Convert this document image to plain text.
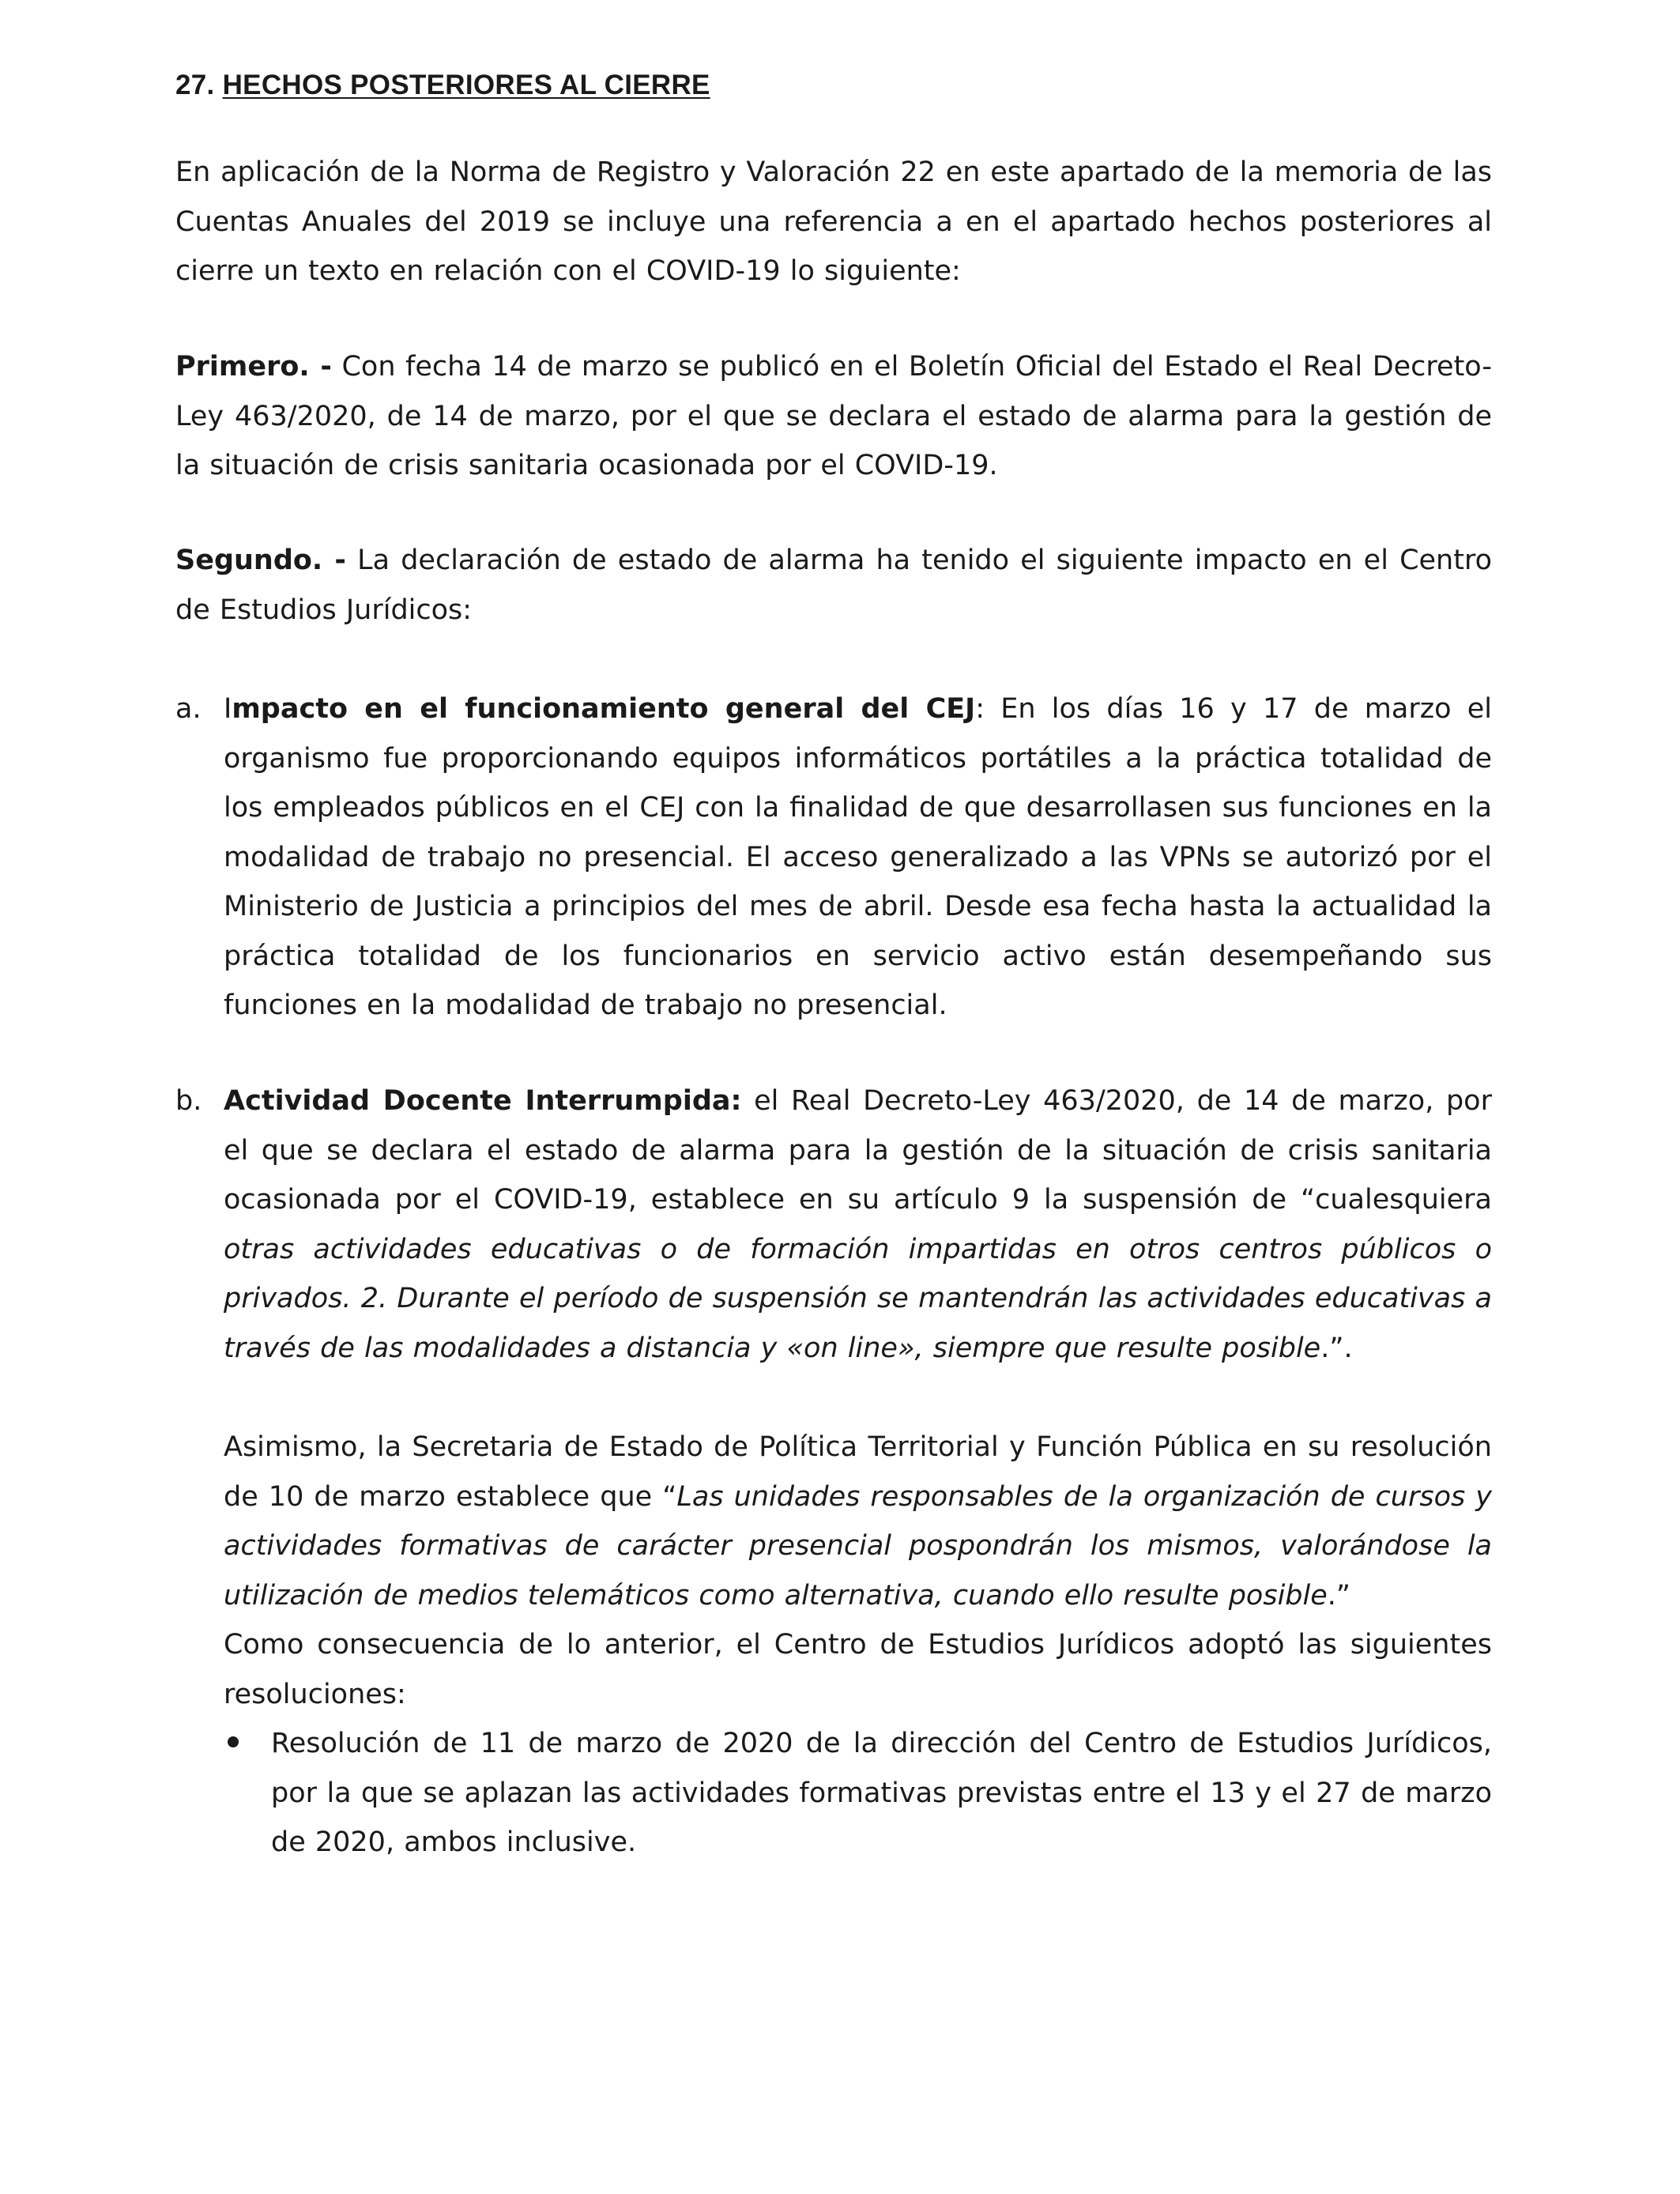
27. HECHOS POSTERIORES AL CIERRE

En aplicación de la Norma de Registro y Valoración 22 en este apartado de la memoria de las Cuentas Anuales del 2019 se incluye una referencia a en el apartado hechos posteriores al cierre un texto en relación con el COVID-19 lo siguiente:

Primero. - Con fecha 14 de marzo se publicó en el Boletín Oficial del Estado el Real Decreto-Ley 463/2020, de 14 de marzo, por el que se declara el estado de alarma para la gestión de la situación de crisis sanitaria ocasionada por el COVID-19.

Segundo. - La declaración de estado de alarma ha tenido el siguiente impacto en el Centro de Estudios Jurídicos:

a. Impacto en el funcionamiento general del CEJ: En los días 16 y 17 de marzo el organismo fue proporcionando equipos informáticos portátiles a la práctica totalidad de los empleados públicos en el CEJ con la finalidad de que desarrollasen sus funciones en la modalidad de trabajo no presencial. El acceso generalizado a las VPNs se autorizó por el Ministerio de Justicia a principios del mes de abril. Desde esa fecha hasta la actualidad la práctica totalidad de los funcionarios en servicio activo están desempeñando sus funciones en la modalidad de trabajo no presencial.

b. Actividad Docente Interrumpida: el Real Decreto-Ley 463/2020, de 14 de marzo, por el que se declara el estado de alarma para la gestión de la situación de crisis sanitaria ocasionada por el COVID-19, establece en su artículo 9 la suspensión de “cualesquiera otras actividades educativas o de formación impartidas en otros centros públicos o privados. 2. Durante el período de suspensión se mantendrán las actividades educativas a través de las modalidades a distancia y «on line», siempre que resulte posible.”.

Asimismo, la Secretaria de Estado de Política Territorial y Función Pública en su resolución de 10 de marzo establece que “Las unidades responsables de la organización de cursos y actividades formativas de carácter presencial pospondrán los mismos, valorándose la utilización de medios telemáticos como alternativa, cuando ello resulte posible.”

Como consecuencia de lo anterior, el Centro de Estudios Jurídicos adoptó las siguientes resoluciones:

Resolución de 11 de marzo de 2020 de la dirección del Centro de Estudios Jurídicos, por la que se aplazan las actividades formativas previstas entre el 13 y el 27 de marzo de 2020, ambos inclusive.
